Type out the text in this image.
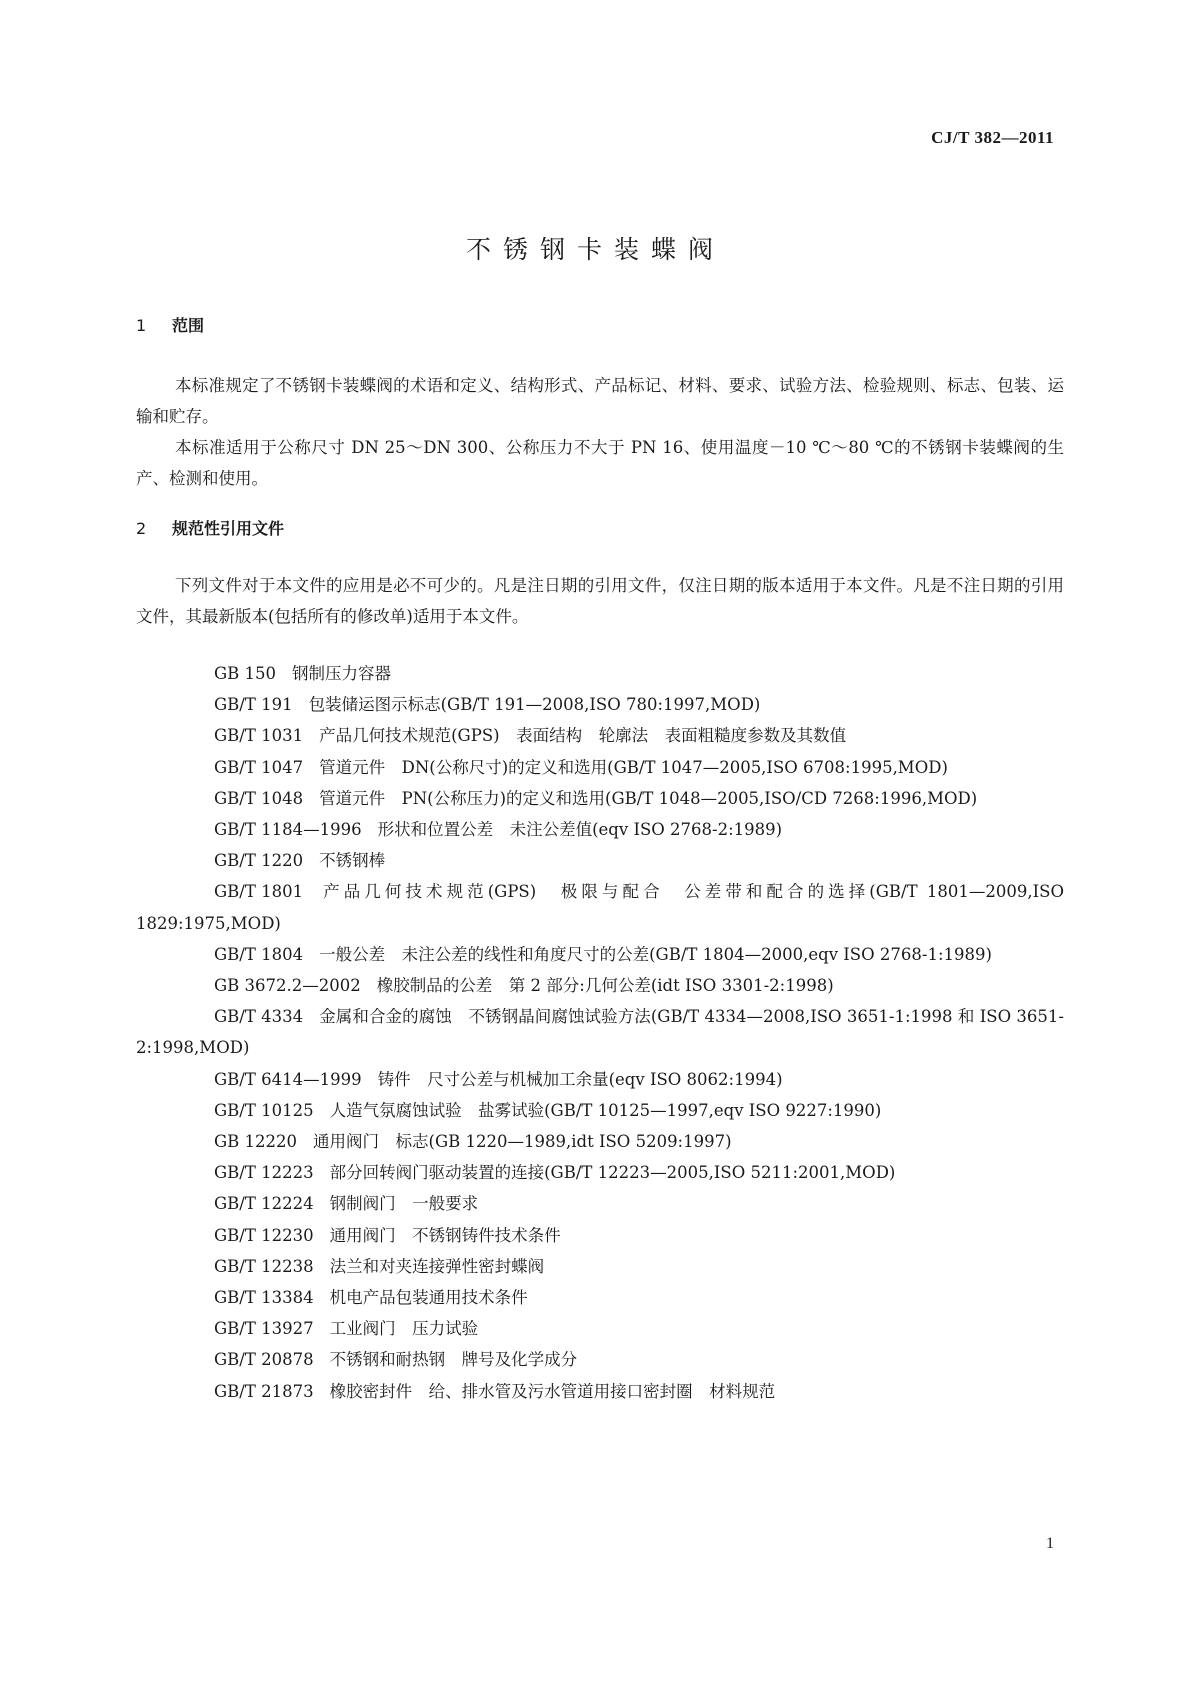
CJ/T 382—2011
不锈钢卡装蝶阀
1 范围

本标准规定了不锈钢卡装蝶阀的术语和定义、结构形式、产品标记、材料、要求、试验方法、检验规则、标志、包装、运输和贮存。

本标准适用于公称尺寸 DN 25～DN 300、公称压力不大于 PN 16、使用温度－10 ℃～80 ℃的不锈钢卡装蝶阀的生产、检测和使用。

2 规范性引用文件

下列文件对于本文件的应用是必不可少的。凡是注日期的引用文件，仅注日期的版本适用于本文件。凡是不注日期的引用文件，其最新版本(包括所有的修改单)适用于本文件。

GB 150 钢制压力容器

GB/T 191 包装储运图示标志(GB/T 191—2008,ISO 780:1997,MOD)

GB/T 1031 产品几何技术规范(GPS)　表面结构　轮廓法　表面粗糙度参数及其数值

GB/T 1047 管道元件　DN(公称尺寸)的定义和选用(GB/T 1047—2005,ISO 6708:1995,MOD)

GB/T 1048 管道元件　PN(公称压力)的定义和选用(GB/T 1048—2005,ISO/CD 7268:1996,MOD)

GB/T 1184—1996 形状和位置公差　未注公差值(eqv ISO 2768-2:1989)

GB/T 1220 不锈钢棒

GB/T 1801 产品几何技术规范(GPS)　极限与配合　公差带和配合的选择(GB/T 1801—2009,ISO 1829:1975,MOD)

GB/T 1804 一般公差　未注公差的线性和角度尺寸的公差(GB/T 1804—2000,eqv ISO 2768-1:1989)

GB 3672.2—2002 橡胶制品的公差　第 2 部分:几何公差(idt ISO 3301-2:1998)

GB/T 4334 金属和合金的腐蚀　不锈钢晶间腐蚀试验方法(GB/T 4334—2008,ISO 3651-1:1998 和 ISO 3651-2:1998,MOD)

GB/T 6414—1999 铸件　尺寸公差与机械加工余量(eqv ISO 8062:1994)

GB/T 10125 人造气氛腐蚀试验　盐雾试验(GB/T 10125—1997,eqv ISO 9227:1990)

GB 12220 通用阀门　标志(GB 1220—1989,idt ISO 5209:1997)

GB/T 12223 部分回转阀门驱动装置的连接(GB/T 12223—2005,ISO 5211:2001,MOD)

GB/T 12224 钢制阀门　一般要求

GB/T 12230 通用阀门　不锈钢铸件技术条件

GB/T 12238 法兰和对夹连接弹性密封蝶阀

GB/T 13384 机电产品包装通用技术条件

GB/T 13927 工业阀门　压力试验

GB/T 20878 不锈钢和耐热钢　牌号及化学成分

GB/T 21873 橡胶密封件　给、排水管及污水管道用接口密封圈　材料规范

1
